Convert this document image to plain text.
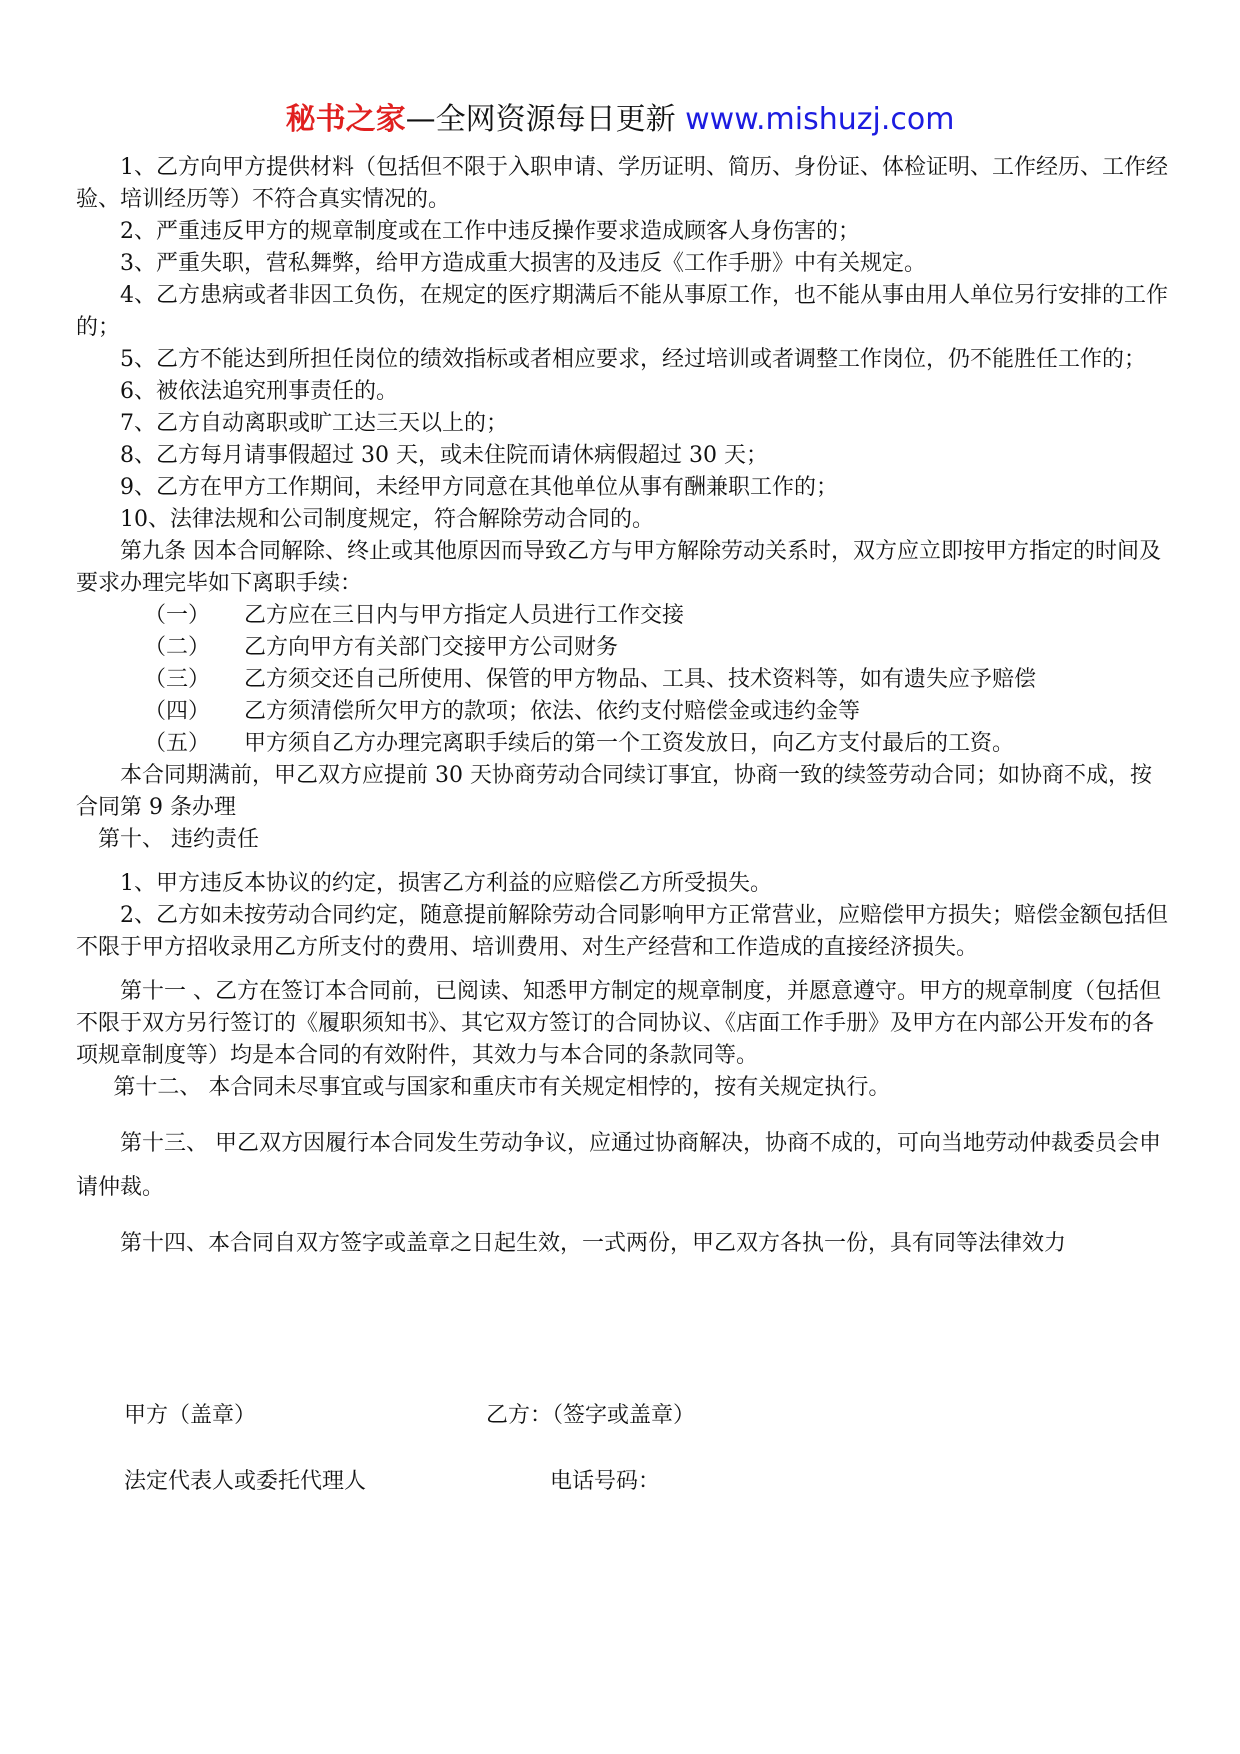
秘书之家—全网资源每日更新 www.mishuzj.com

1、乙方向甲方提供材料（包括但不限于入职申请、学历证明、简历、身份证、体检证明、工作经历、工作经验、培训经历等）不符合真实情况的。

2、严重违反甲方的规章制度或在工作中违反操作要求造成顾客人身伤害的；

3、严重失职，营私舞弊，给甲方造成重大损害的及违反《工作手册》中有关规定。

4、乙方患病或者非因工负伤，在规定的医疗期满后不能从事原工作，也不能从事由用人单位另行安排的工作的；

5、乙方不能达到所担任岗位的绩效指标或者相应要求，经过培训或者调整工作岗位，仍不能胜任工作的；

6、被依法追究刑事责任的。

7、乙方自动离职或旷工达三天以上的；

8、乙方每月请事假超过 30 天，或未住院而请休病假超过 30 天；

9、乙方在甲方工作期间，未经甲方同意在其他单位从事有酬兼职工作的；

10、法律法规和公司制度规定，符合解除劳动合同的。

第九条 因本合同解除、终止或其他原因而导致乙方与甲方解除劳动关系时，双方应立即按甲方指定的时间及要求办理完毕如下离职手续：

（一）	乙方应在三日内与甲方指定人员进行工作交接
（二）	乙方向甲方有关部门交接甲方公司财务
（三）	乙方须交还自己所使用、保管的甲方物品、工具、技术资料等，如有遗失应予赔偿
（四）	乙方须清偿所欠甲方的款项；依法、依约支付赔偿金或违约金等
（五）	甲方须自乙方办理完离职手续后的第一个工资发放日，向乙方支付最后的工资。

本合同期满前，甲乙双方应提前 30 天协商劳动合同续订事宜，协商一致的续签劳动合同；如协商不成，按合同第 9 条办理

第十、 违约责任

1、甲方违反本协议的约定，损害乙方利益的应赔偿乙方所受损失。

2、乙方如未按劳动合同约定，随意提前解除劳动合同影响甲方正常营业，应赔偿甲方损失；赔偿金额包括但不限于甲方招收录用乙方所支付的费用、培训费用、对生产经营和工作造成的直接经济损失。

第十一 、乙方在签订本合同前，已阅读、知悉甲方制定的规章制度，并愿意遵守。甲方的规章制度（包括但不限于双方另行签订的《履职须知书》、其它双方签订的合同协议、《店面工作手册》及甲方在内部公开发布的各项规章制度等）均是本合同的有效附件，其效力与本合同的条款同等。

第十二、 本合同未尽事宜或与国家和重庆市有关规定相悖的，按有关规定执行。

第十三、 甲乙双方因履行本合同发生劳动争议，应通过协商解决，协商不成的，可向当地劳动仲裁委员会申请仲裁。

第十四、本合同自双方签字或盖章之日起生效，一式两份，甲乙双方各执一份，具有同等法律效力

甲方（盖章）	乙方：（签字或盖章）
法定代表人或委托代理人	电话号码：
